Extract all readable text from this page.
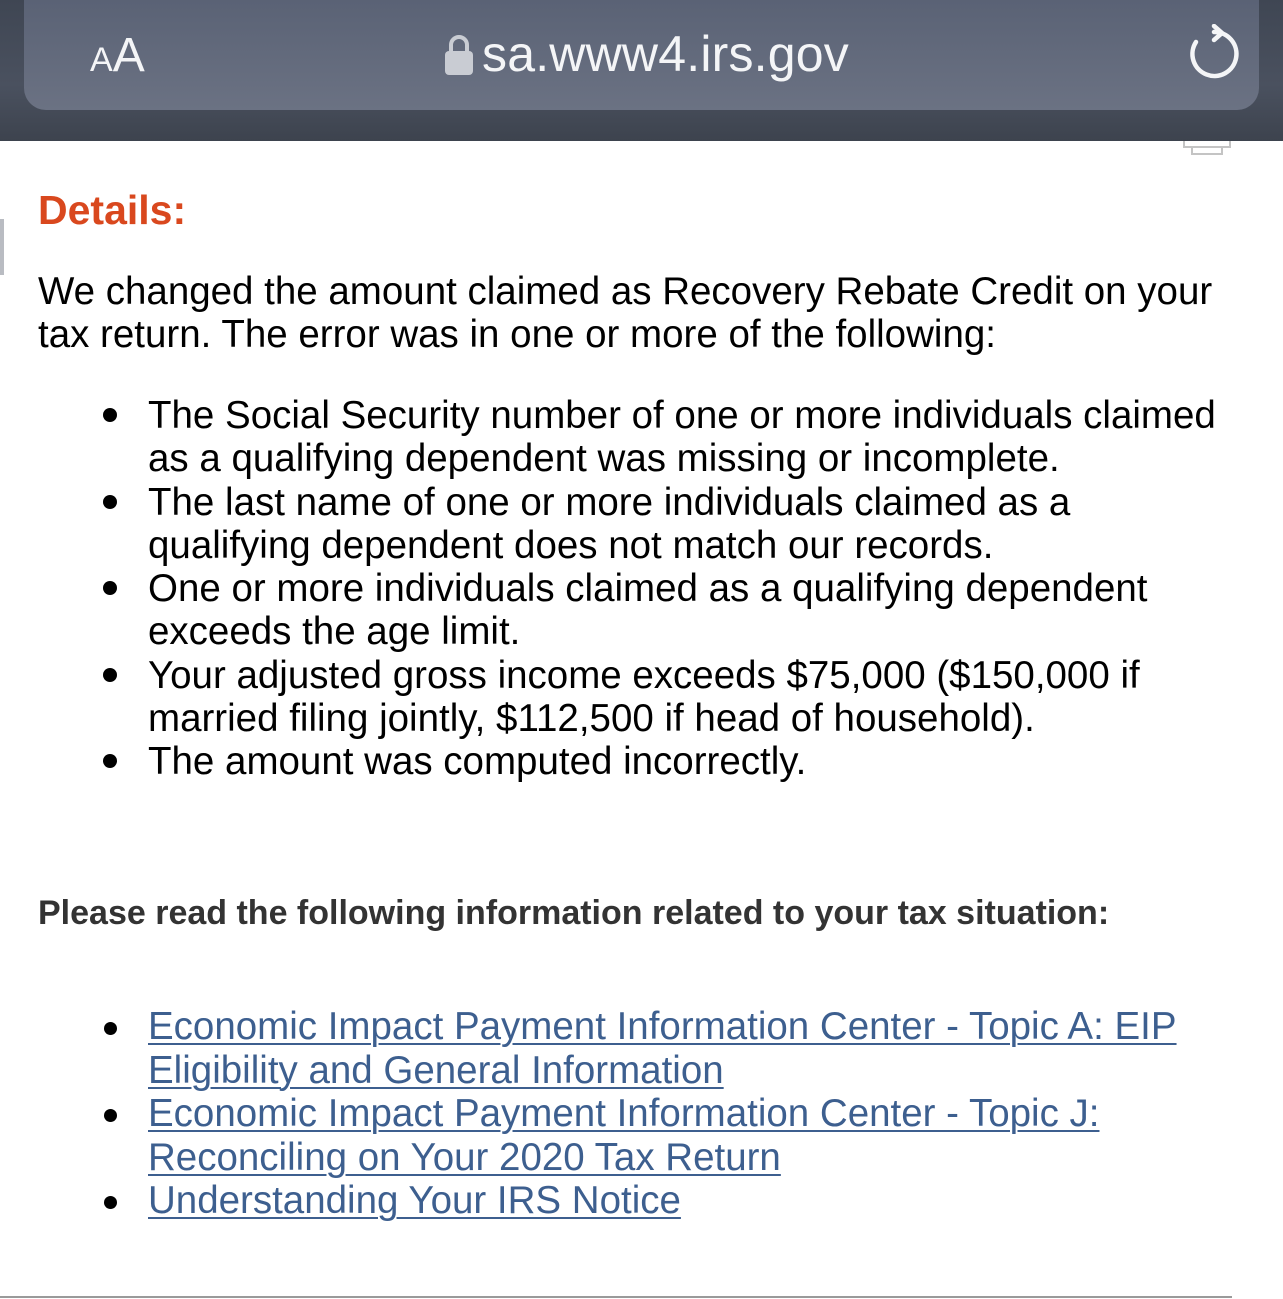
A A	sa.www4.irs.gov
Details:

We changed the amount claimed as Recovery Rebate Credit on your tax return. The error was in one or more of the following:

The Social Security number of one or more individuals claimed as a qualifying dependent was missing or incomplete.
The last name of one or more individuals claimed as a qualifying dependent does not match our records.
One or more individuals claimed as a qualifying dependent exceeds the age limit.
Your adjusted gross income exceeds $75,000 ($150,000 if married filing jointly, $112,500 if head of household).
The amount was computed incorrectly.
Please read the following information related to your tax situation:
Economic Impact Payment Information Center - Topic A: EIP Eligibility and General Information
Economic Impact Payment Information Center - Topic J: Reconciling on Your 2020 Tax Return
Understanding Your IRS Notice
